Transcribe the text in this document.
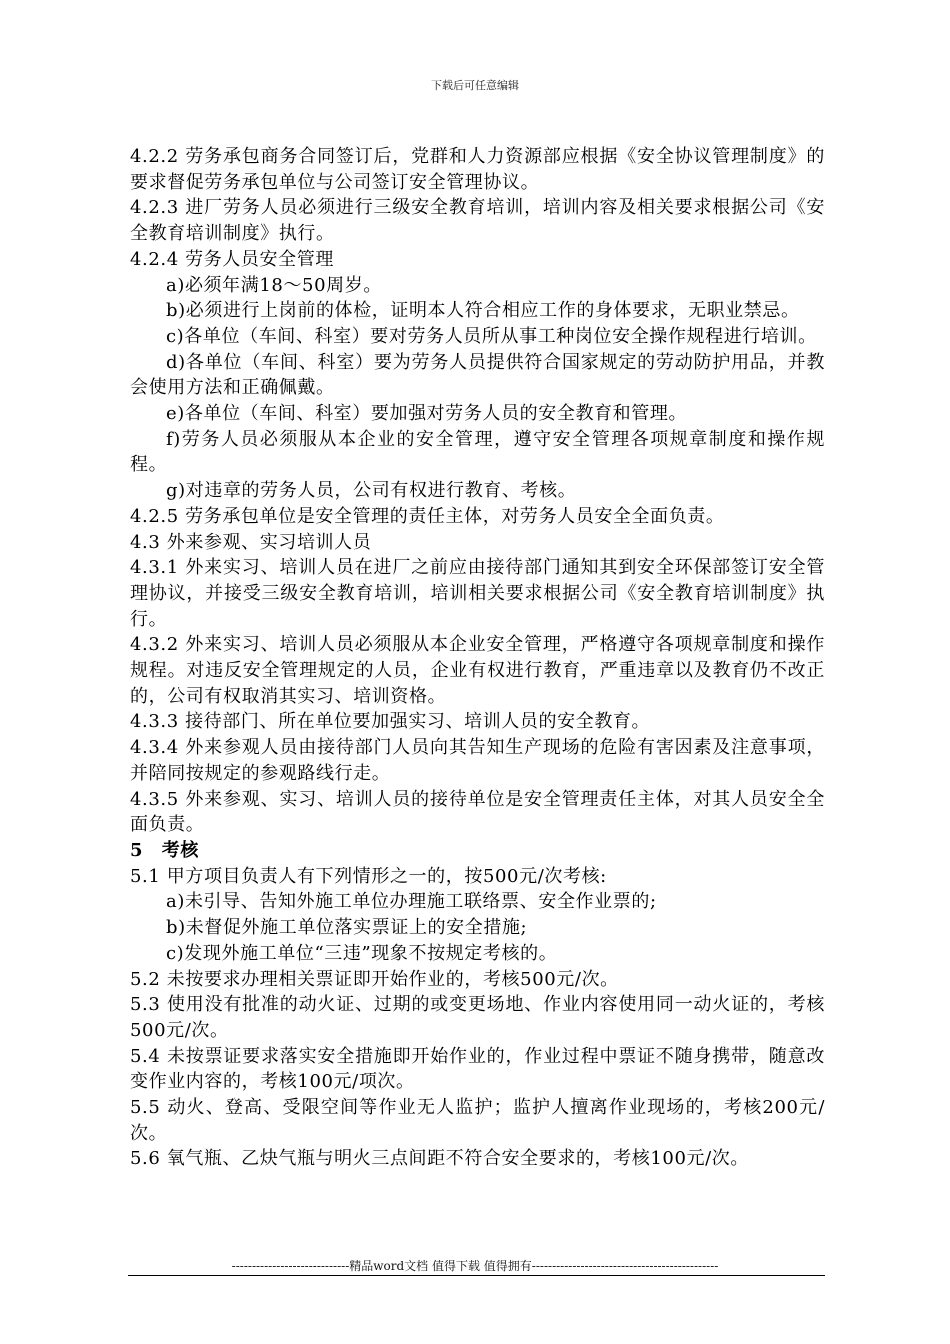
下载后可任意编辑

4.2.2 劳务承包商务合同签订后，党群和人力资源部应根据《安全协议管理制度》的要求督促劳务承包单位与公司签订安全管理协议。

4.2.3 进厂劳务人员必须进行三级安全教育培训，培训内容及相关要求根据公司《安全教育培训制度》执行。

4.2.4 劳务人员安全管理

a)必须年满18～50周岁。

b)必须进行上岗前的体检，证明本人符合相应工作的身体要求，无职业禁忌。

c)各单位（车间、科室）要对劳务人员所从事工种岗位安全操作规程进行培训。

d)各单位（车间、科室）要为劳务人员提供符合国家规定的劳动防护用品，并教会使用方法和正确佩戴。

e)各单位（车间、科室）要加强对劳务人员的安全教育和管理。

f)劳务人员必须服从本企业的安全管理，遵守安全管理各项规章制度和操作规程。

g)对违章的劳务人员，公司有权进行教育、考核。

4.2.5 劳务承包单位是安全管理的责任主体，对劳务人员安全全面负责。

4.3 外来参观、实习培训人员

4.3.1 外来实习、培训人员在进厂之前应由接待部门通知其到安全环保部签订安全管理协议，并接受三级安全教育培训，培训相关要求根据公司《安全教育培训制度》执行。

4.3.2 外来实习、培训人员必须服从本企业安全管理，严格遵守各项规章制度和操作规程。对违反安全管理规定的人员，企业有权进行教育，严重违章以及教育仍不改正的，公司有权取消其实习、培训资格。

4.3.3 接待部门、所在单位要加强实习、培训人员的安全教育。

4.3.4 外来参观人员由接待部门人员向其告知生产现场的危险有害因素及注意事项，并陪同按规定的参观路线行走。

4.3.5 外来参观、实习、培训人员的接待单位是安全管理责任主体，对其人员安全全面负责。

5　考核

5.1 甲方项目负责人有下列情形之一的，按500元/次考核:

a)未引导、告知外施工单位办理施工联络票、安全作业票的;

b)未督促外施工单位落实票证上的安全措施;

c)发现外施工单位“三违”现象不按规定考核的。

5.2 未按要求办理相关票证即开始作业的，考核500元/次。

5.3 使用没有批准的动火证、过期的或变更场地、作业内容使用同一动火证的，考核500元/次。

5.4 未按票证要求落实安全措施即开始作业的，作业过程中票证不随身携带，随意改变作业内容的，考核100元/项次。

5.5 动火、登高、受限空间等作业无人监护；监护人擅离作业现场的，考核200元/次。

5.6 氧气瓶、乙炔气瓶与明火三点间距不符合安全要求的，考核100元/次。

-----------------------------精品word文档 值得下载 值得拥有----------------------------------------------
